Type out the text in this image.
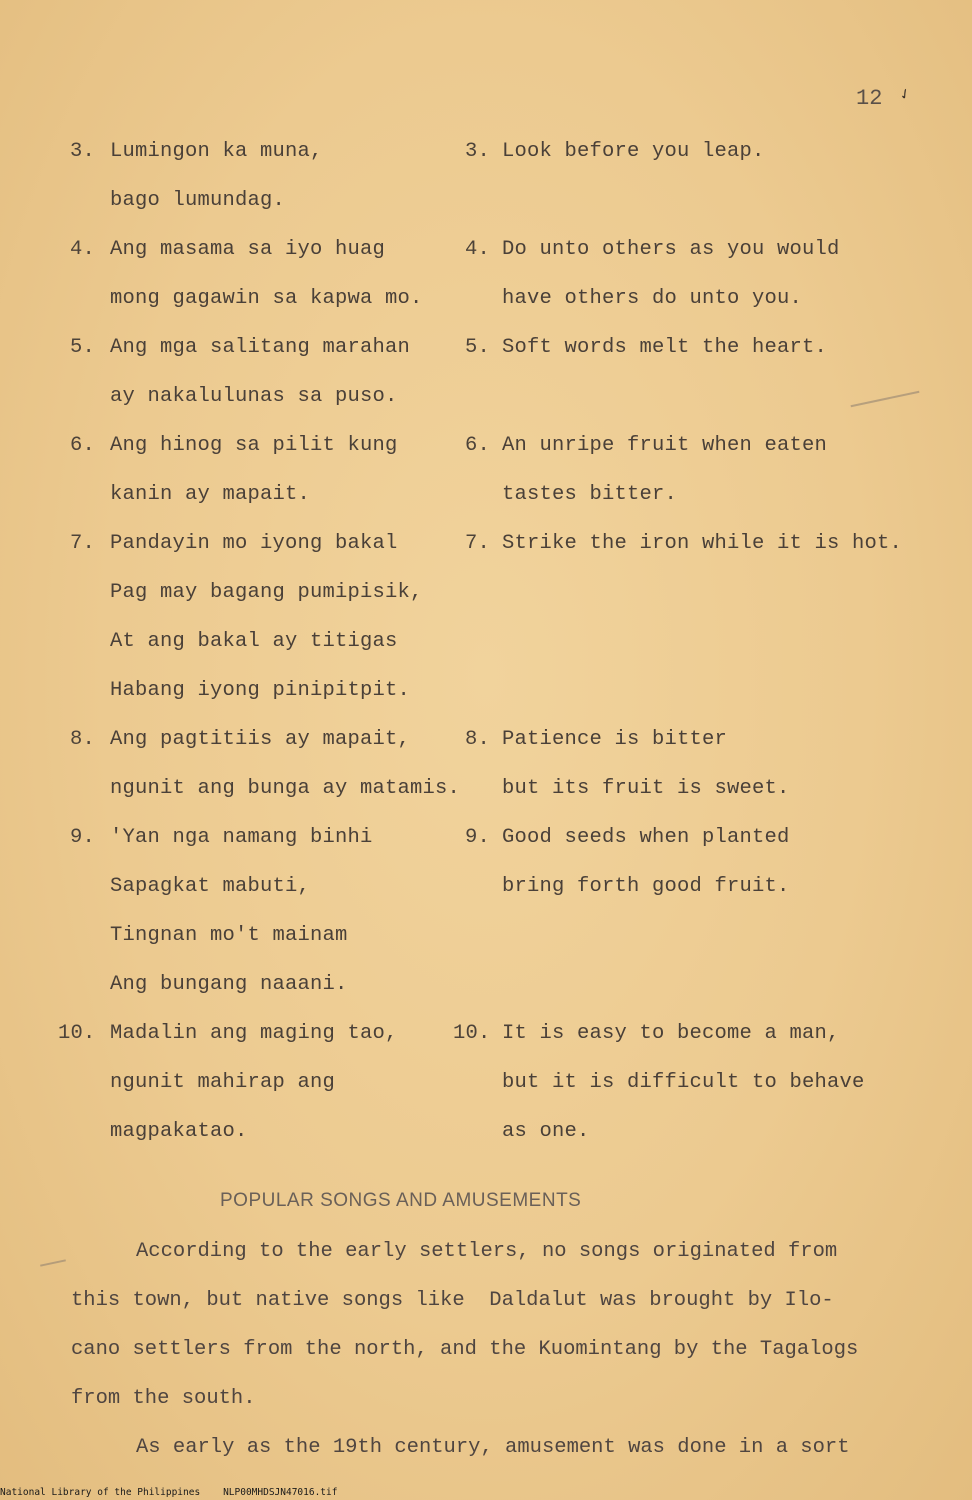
12 ✓
3. Lumingon ka muna,
bago lumundag.
3. Look before you leap.
4. Ang masama sa iyo huag
mong gagawin sa kapwa mo.
4. Do unto others as you would
have others do unto you.
5. Ang mga salitang marahan
ay nakalulunas sa puso.
5. Soft words melt the heart.
6. Ang hinog sa pilit kung
kanin ay mapait.
6. An unripe fruit when eaten
tastes bitter.
7. Pandayin mo iyong bakal
Pag may bagang pumipisik,
At ang bakal ay titigas
Habang iyong pinipitpit.
7. Strike the iron while it is hot.
8. Ang pagtitiis ay mapait,
ngunit ang bunga ay matamis.
8. Patience is bitter
but its fruit is sweet.
9. 'Yan nga namang binhi
Sapagkat mabuti,
Tingnan mo't mainam
Ang bungang naaani.
9. Good seeds when planted
bring forth good fruit.
10. Madalin ang maging tao,
ngunit mahirap ang
magpakatao.
10. It is easy to become a man,
but it is difficult to behave
as one.
POPULAR SONGS AND AMUSEMENTS
According to the early settlers, no songs originated from
this town, but native songs like  Daldalut was brought by Ilo-
cano settlers from the north, and the Kuomintang by the Tagalogs
from the south.
As early as the 19th century, amusement was done in a sort
National Library of the Philippines NLP00MHDSJN47016.tif
